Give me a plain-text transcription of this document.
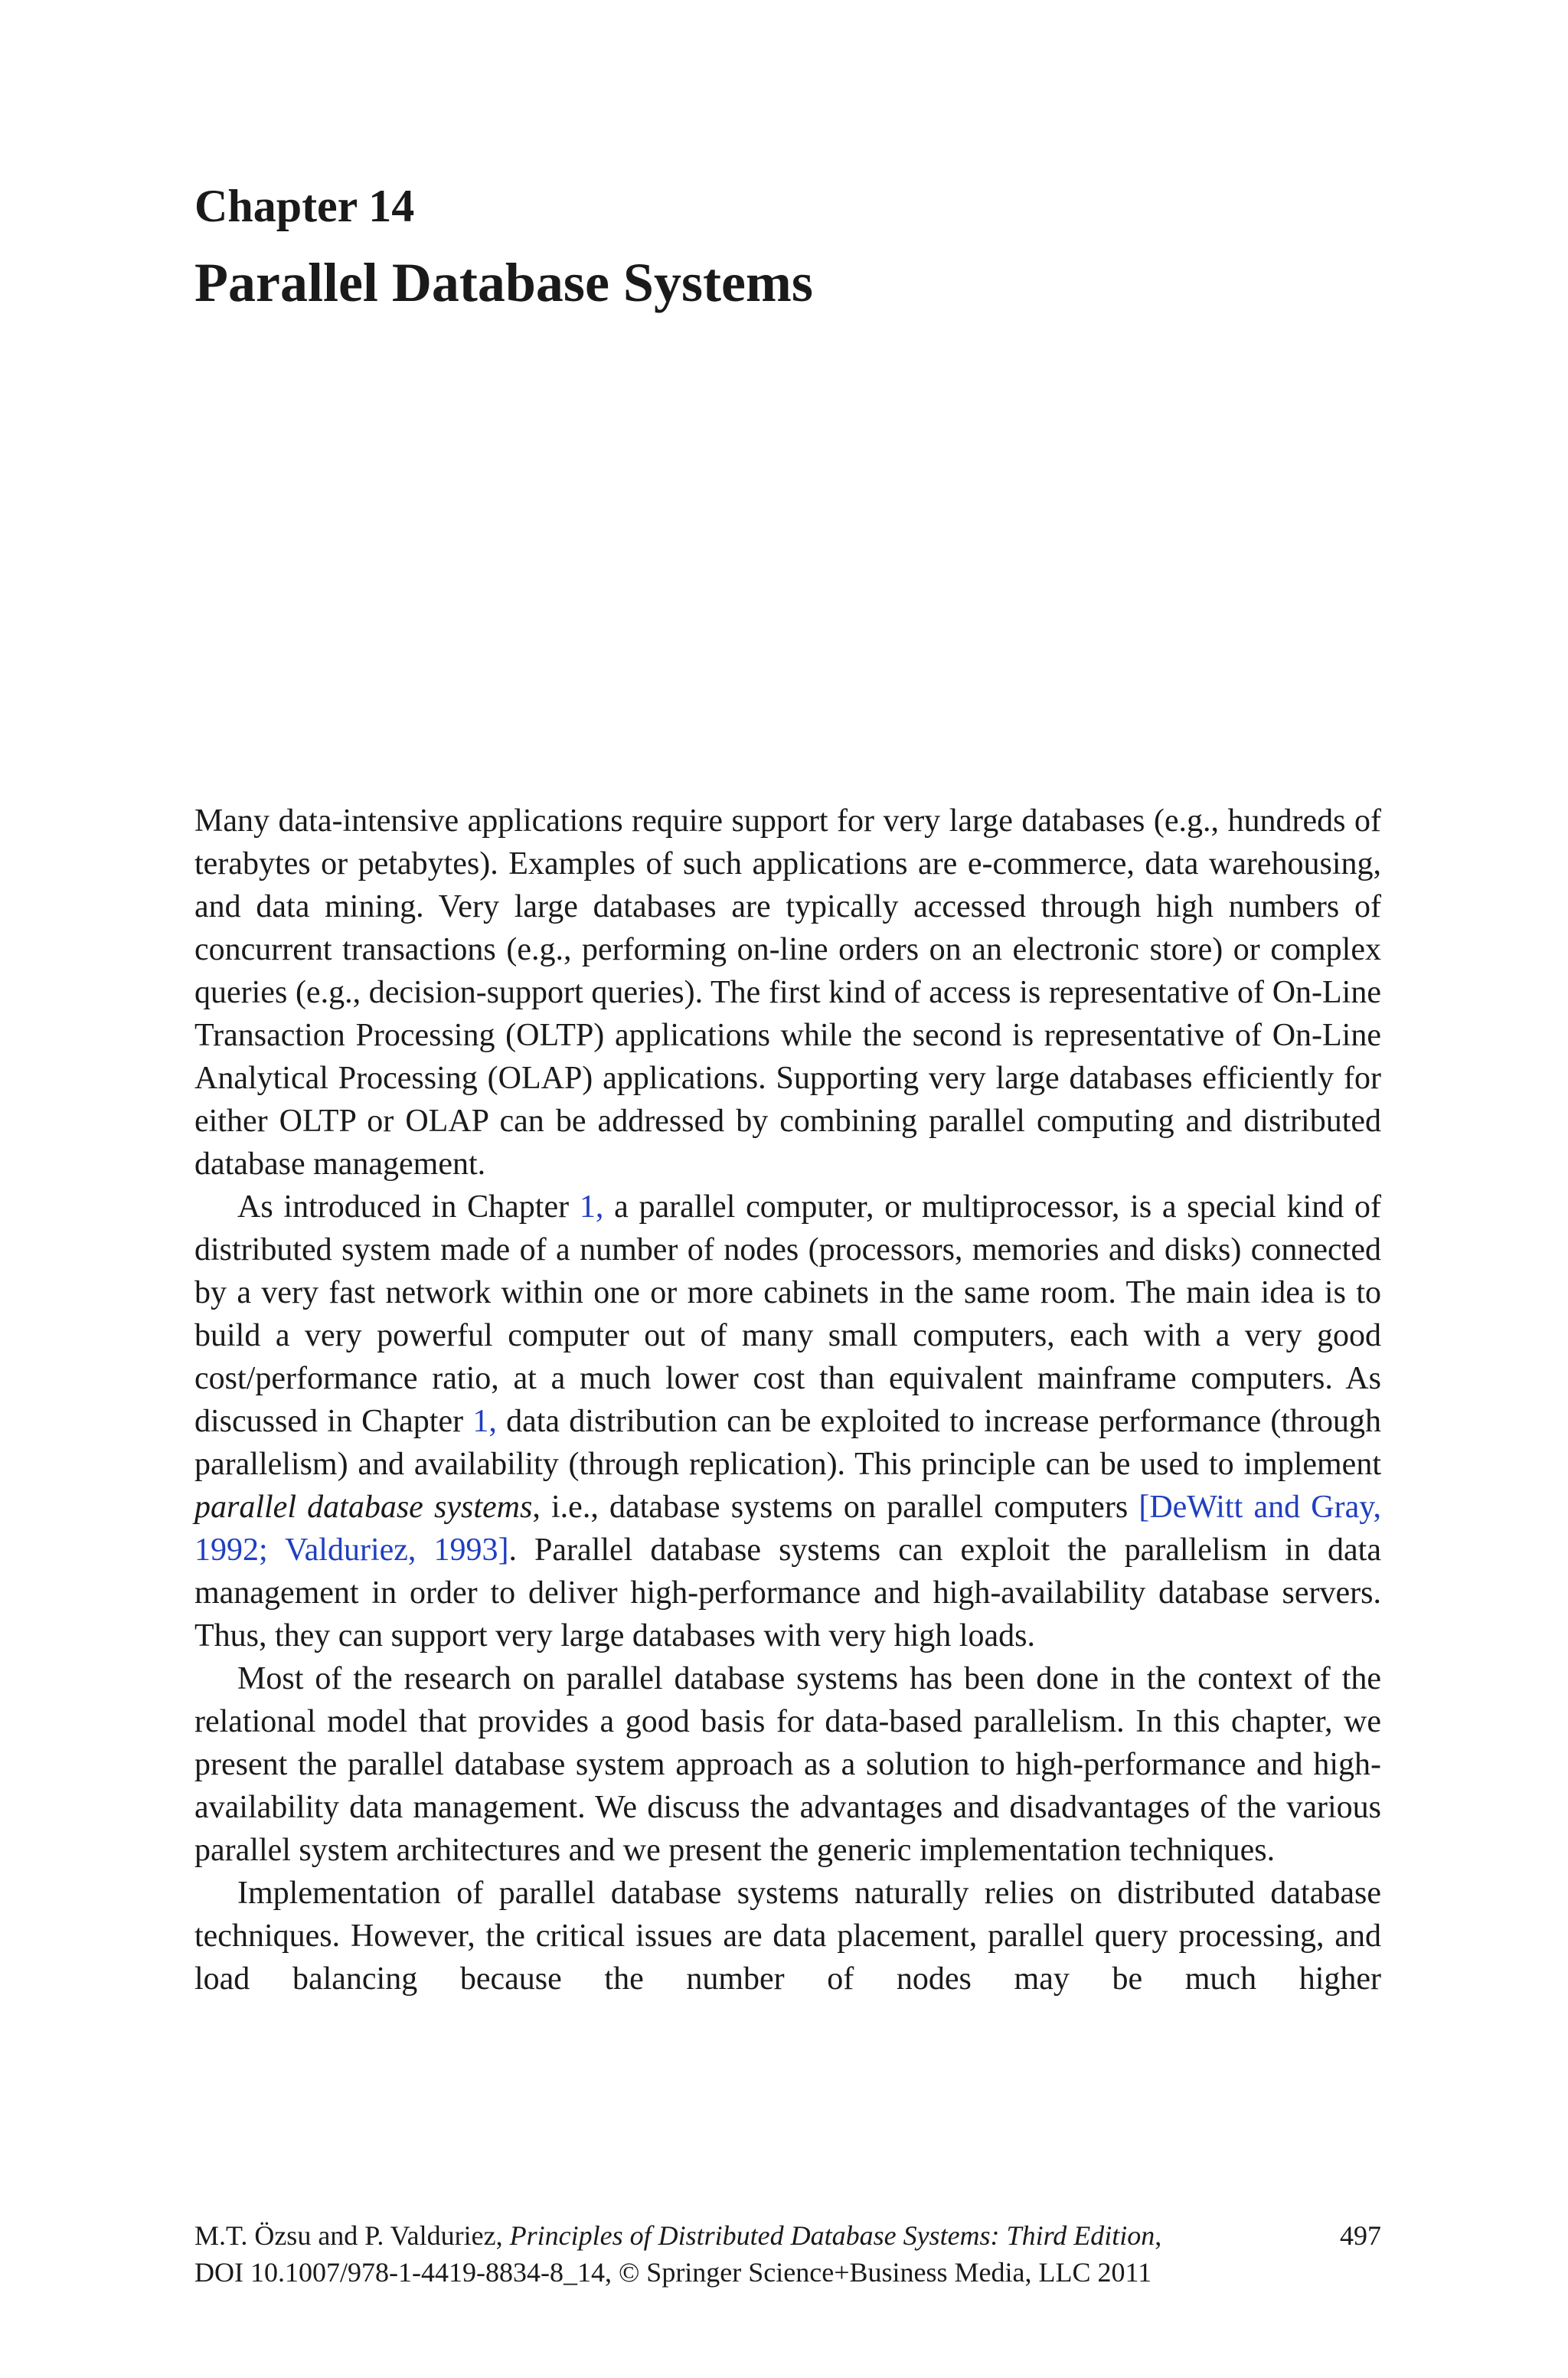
Chapter 14
Parallel Database Systems

Many data-intensive applications require support for very large databases (e.g., hundreds of terabytes or petabytes). Examples of such applications are e-commerce, data warehousing, and data mining. Very large databases are typically accessed through high numbers of concurrent transactions (e.g., performing on-line orders on an electronic store) or complex queries (e.g., decision-support queries). The first kind of access is representative of On-Line Transaction Processing (OLTP) applications while the second is representative of On-Line Analytical Processing (OLAP) applications. Supporting very large databases efficiently for either OLTP or OLAP can be addressed by combining parallel computing and distributed database management.

As introduced in Chapter 1, a parallel computer, or multiprocessor, is a special kind of distributed system made of a number of nodes (processors, memories and disks) connected by a very fast network within one or more cabinets in the same room. The main idea is to build a very powerful computer out of many small computers, each with a very good cost/performance ratio, at a much lower cost than equivalent mainframe computers. As discussed in Chapter 1, data distribution can be exploited to increase performance (through parallelism) and availability (through replication). This principle can be used to implement parallel database systems, i.e., database systems on parallel computers [DeWitt and Gray, 1992; Valduriez, 1993]. Parallel database systems can exploit the parallelism in data management in order to deliver high-performance and high-availability database servers. Thus, they can support very large databases with very high loads.

Most of the research on parallel database systems has been done in the context of the relational model that provides a good basis for data-based parallelism. In this chapter, we present the parallel database system approach as a solution to high-performance and high-availability data management. We discuss the advantages and disadvantages of the various parallel system architectures and we present the generic implementation techniques.

Implementation of parallel database systems naturally relies on distributed database techniques. However, the critical issues are data placement, parallel query processing, and load balancing because the number of nodes may be much higher

M.T. Özsu and P. Valduriez, Principles of Distributed Database Systems: Third Edition,
DOI 10.1007/978-1-4419-8834-8_14, © Springer Science+Business Media, LLC 2011
497
